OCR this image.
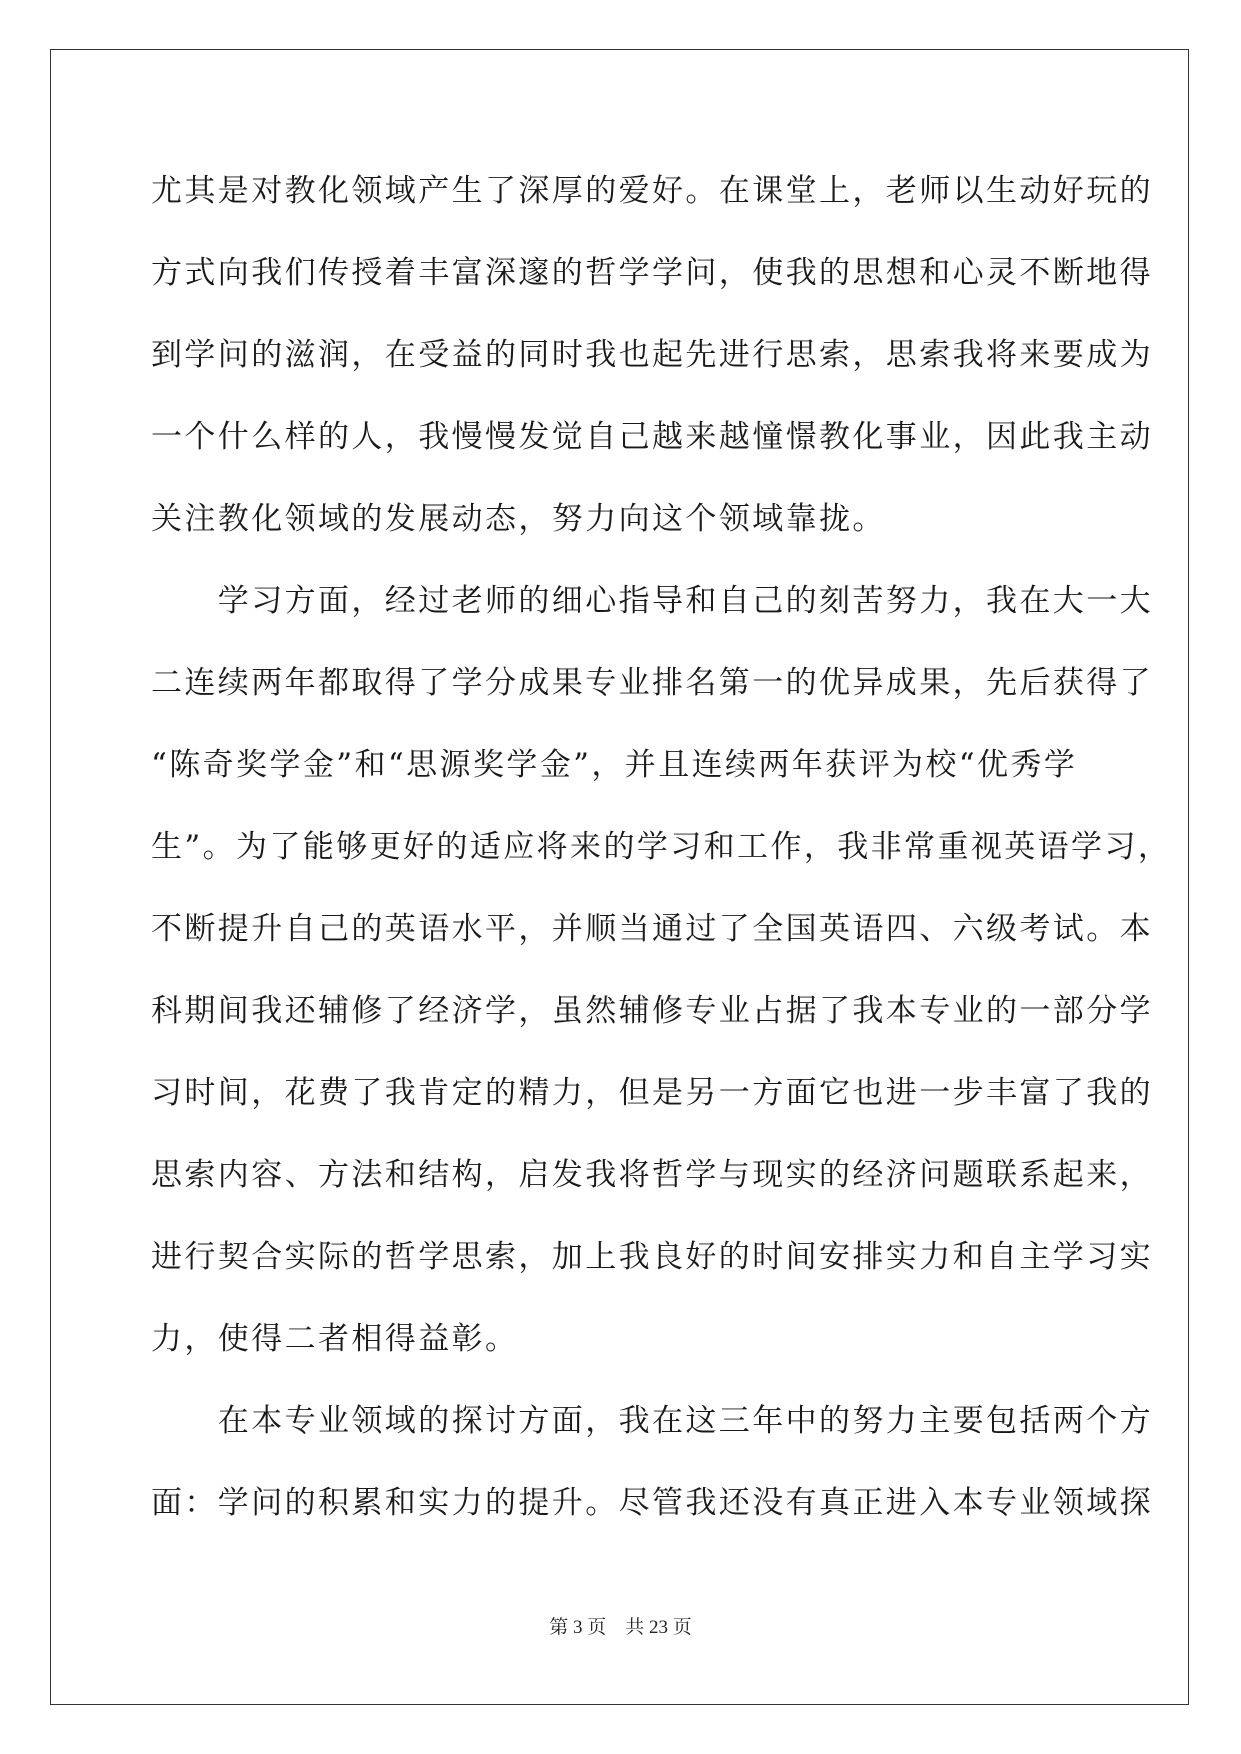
尤其是对教化领域产生了深厚的爱好。在课堂上，老师以生动好玩的
方式向我们传授着丰富深邃的哲学学问，使我的思想和心灵不断地得
到学问的滋润，在受益的同时我也起先进行思索，思索我将来要成为
一个什么样的人，我慢慢发觉自己越来越憧憬教化事业，因此我主动
关注教化领域的发展动态，努力向这个领域靠拢。
　　学习方面，经过老师的细心指导和自己的刻苦努力，我在大一大
二连续两年都取得了学分成果专业排名第一的优异成果，先后获得了
“陈奇奖学金”和“思源奖学金”，并且连续两年获评为校“优秀学
生”。为了能够更好的适应将来的学习和工作，我非常重视英语学习，
不断提升自己的英语水平，并顺当通过了全国英语四、六级考试。本
科期间我还辅修了经济学，虽然辅修专业占据了我本专业的一部分学
习时间，花费了我肯定的精力，但是另一方面它也进一步丰富了我的
思索内容、方法和结构，启发我将哲学与现实的经济问题联系起来，
进行契合实际的哲学思索，加上我良好的时间安排实力和自主学习实
力，使得二者相得益彰。
　　在本专业领域的探讨方面，我在这三年中的努力主要包括两个方
面：学问的积累和实力的提升。尽管我还没有真正进入本专业领域探
第 3 页　共 23 页
